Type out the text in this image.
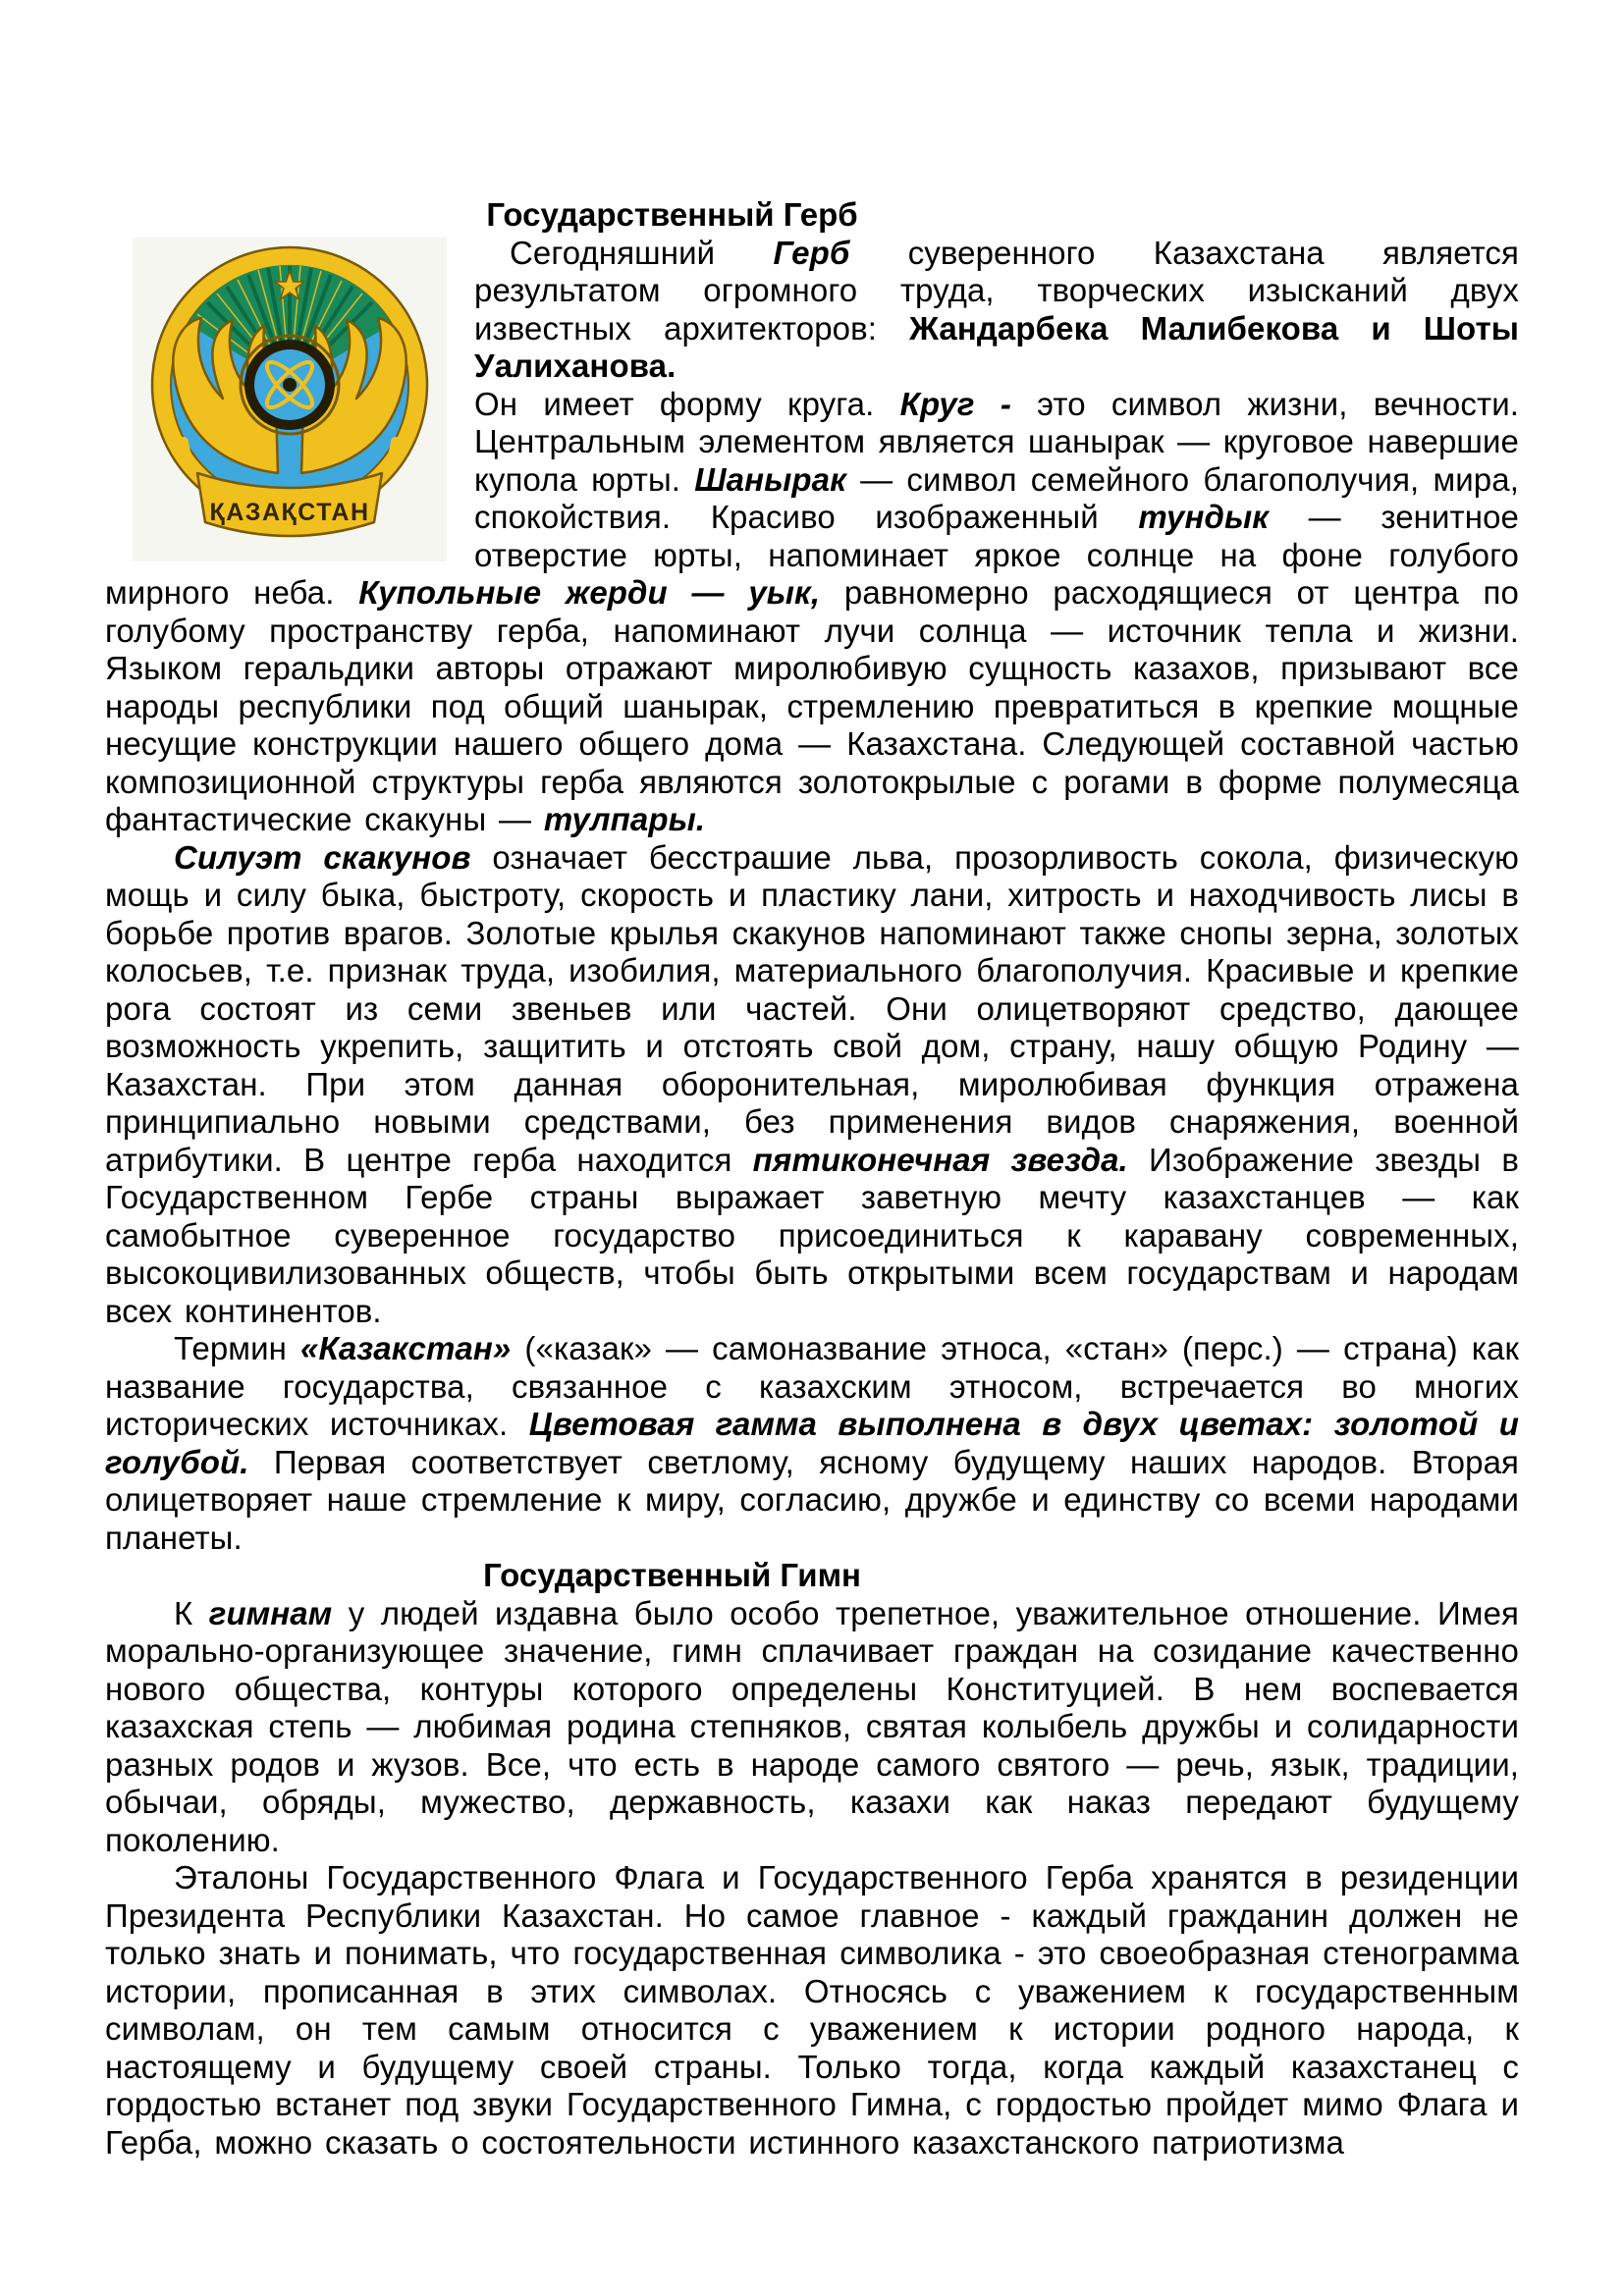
Государственный Герб
ҚАЗАҚСТАН

Сегодняшний Герб суверенного Казахстана является результатом огромного труда, творческих изысканий двух известных архитекторов: Жандарбека Малибекова и Шоты Уалиханова.

Он имеет форму круга. Круг - это символ жизни, вечности. Центральным элементом является шанырак — круговое навершие купола юрты. Шанырак — символ семейного благополучия, мира, спокойствия. Красиво изображенный тундык — зенитное отверстие юрты, напоминает яркое солнце на фоне голубого мирного неба. Купольные жерди — уык, равномерно расходящиеся от центра по голубому пространству герба, напоминают лучи солнца — источник тепла и жизни. Языком геральдики авторы отражают миролюбивую сущность казахов, призывают все народы республики под общий шанырак, стремлению превратиться в крепкие мощные несущие конструкции нашего общего дома — Казахстана. Следующей составной частью композиционной структуры герба являются золотокрылые с рогами в форме полумесяца фантастические скакуны — тулпары.

Силуэт скакунов означает бесстрашие льва, прозорливость сокола, физическую мощь и силу быка, быстроту, скорость и пластику лани, хитрость и находчивость лисы в борьбе против врагов. Золотые крылья скакунов напоминают также снопы зерна, золотых колосьев, т.е. признак труда, изобилия, материального благополучия. Красивые и крепкие рога состоят из семи звеньев или частей. Они олицетворяют средство, дающее возможность укрепить, защитить и отстоять свой дом, страну, нашу общую Родину — Казахстан. При этом данная оборонительная, миролюбивая функция отражена принципиально новыми средствами, без применения видов снаряжения, военной атрибутики. В центре герба находится пятиконечная звезда. Изображение звезды в Государственном Гербе страны выражает заветную мечту казахстанцев — как самобытное суверенное государство присоединиться к каравану современных, высокоцивилизованных обществ, чтобы быть открытыми всем государствам и народам всех континентов.

Термин «Казакстан» («казак» — самоназвание этноса, «стан» (перс.) — страна) как название государства, связанное с казахским этносом, встречается во многих исторических источниках. Цветовая гамма выполнена в двух цветах: золотой и голубой. Первая соответствует светлому, ясному будущему наших народов. Вторая олицетворяет наше стремление к миру, согласию, дружбе и единству со всеми народами планеты.

Государственный Гимн

К гимнам у людей издавна было особо трепетное, уважительное отношение. Имея морально-организующее значение, гимн сплачивает граждан на созидание качественно нового общества, контуры которого определены Конституцией. В нем воспевается казахская степь — любимая родина степняков, святая колыбель дружбы и солидарности разных родов и жузов. Все, что есть в народе самого святого — речь, язык, традиции, обычаи, обряды, мужество, державность, казахи как наказ передают будущему поколению.

Эталоны Государственного Флага и Государственного Герба хранятся в резиденции Президента Республики Казахстан. Но самое главное - каждый гражданин должен не только знать и понимать, что государственная символика - это своеобразная стенограмма истории, прописанная в этих символах. Относясь с уважением к государственным символам, он тем самым относится с уважением к истории родного народа, к настоящему и будущему своей страны. Только тогда, когда каждый казахстанец с гордостью встанет под звуки Государственного Гимна, с гордостью пройдет мимо Флага и Герба, можно сказать о состоятельности истинного казахстанского патриотизма
